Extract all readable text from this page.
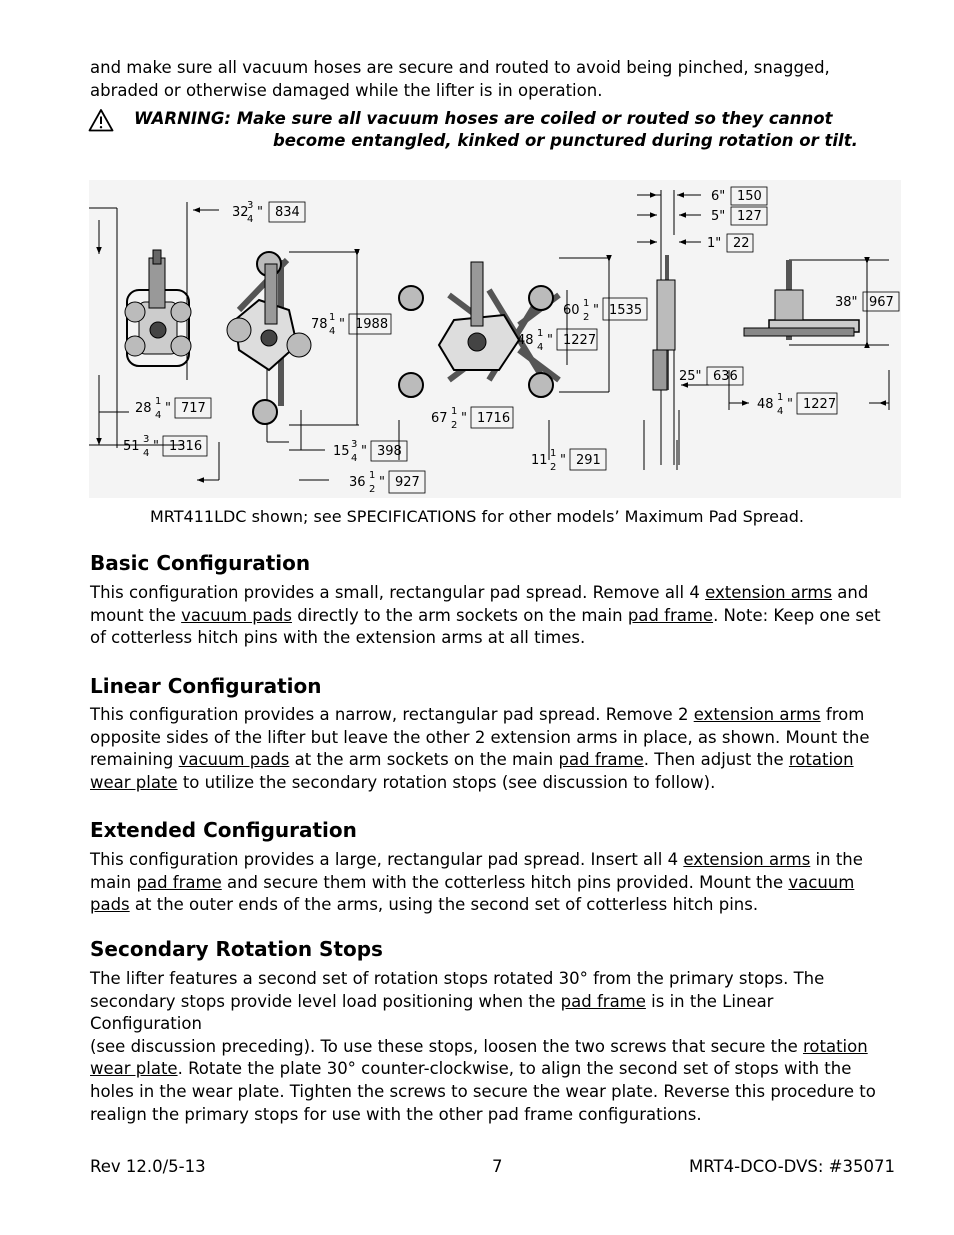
and make sure all vacuum hoses are secure and routed to avoid being pinched, snagged,
abraded or otherwise damaged while the lifter is in operation.
WARNING: Make sure all vacuum hoses are coiled or routed so they cannot
become entangled, kinked or punctured during rotation or tilt.
32
3
4 " 834
78 1
4 " 1988
28 1
4 " 717
51 3
4 " 1316	15 3
4 " 398
36 1
2 " 927
60 1
2 " 1535
48 1
4 " 1227
67 1
2 " 1716
11 1
2 " 291
6" 150
5" 127
1" 22
25" 636
38" 967
48 1
4 " 1227
MRT411LDC shown; see SPECIFICATIONS for other models’ Maximum Pad Spread.
Basic Configuration
This configuration provides a small, rectangular pad spread. Remove all 4 extension arms and
mount the vacuum pads directly to the arm sockets on the main pad frame. Note: Keep one set
of cotterless hitch pins with the extension arms at all times.
Linear Configuration
This configuration provides a narrow, rectangular pad spread. Remove 2 extension arms from
opposite sides of the lifter but leave the other 2 extension arms in place, as shown. Mount the
remaining vacuum pads at the arm sockets on the main pad frame. Then adjust the rotation
wear plate to utilize the secondary rotation stops (see discussion to follow).
Extended Configuration
This configuration provides a large, rectangular pad spread. Insert all 4 extension arms in the
main pad frame and secure them with the cotterless hitch pins provided. Mount the vacuum
pads at the outer ends of the arms, using the second set of cotterless hitch pins.
Secondary Rotation Stops
The lifter features a second set of rotation stops rotated 30° from the primary stops. The
secondary stops provide level load positioning when the pad frame is in the Linear Configuration
(see discussion preceding). To use these stops, loosen the two screws that secure the rotation
wear plate. Rotate the plate 30° counter-clockwise, to align the second set of stops with the
holes in the wear plate. Tighten the screws to secure the wear plate. Reverse this procedure to
realign the primary stops for use with the other pad frame configurations.
Rev 12.0/5-13	7	MRT4-DCO-DVS: #35071
